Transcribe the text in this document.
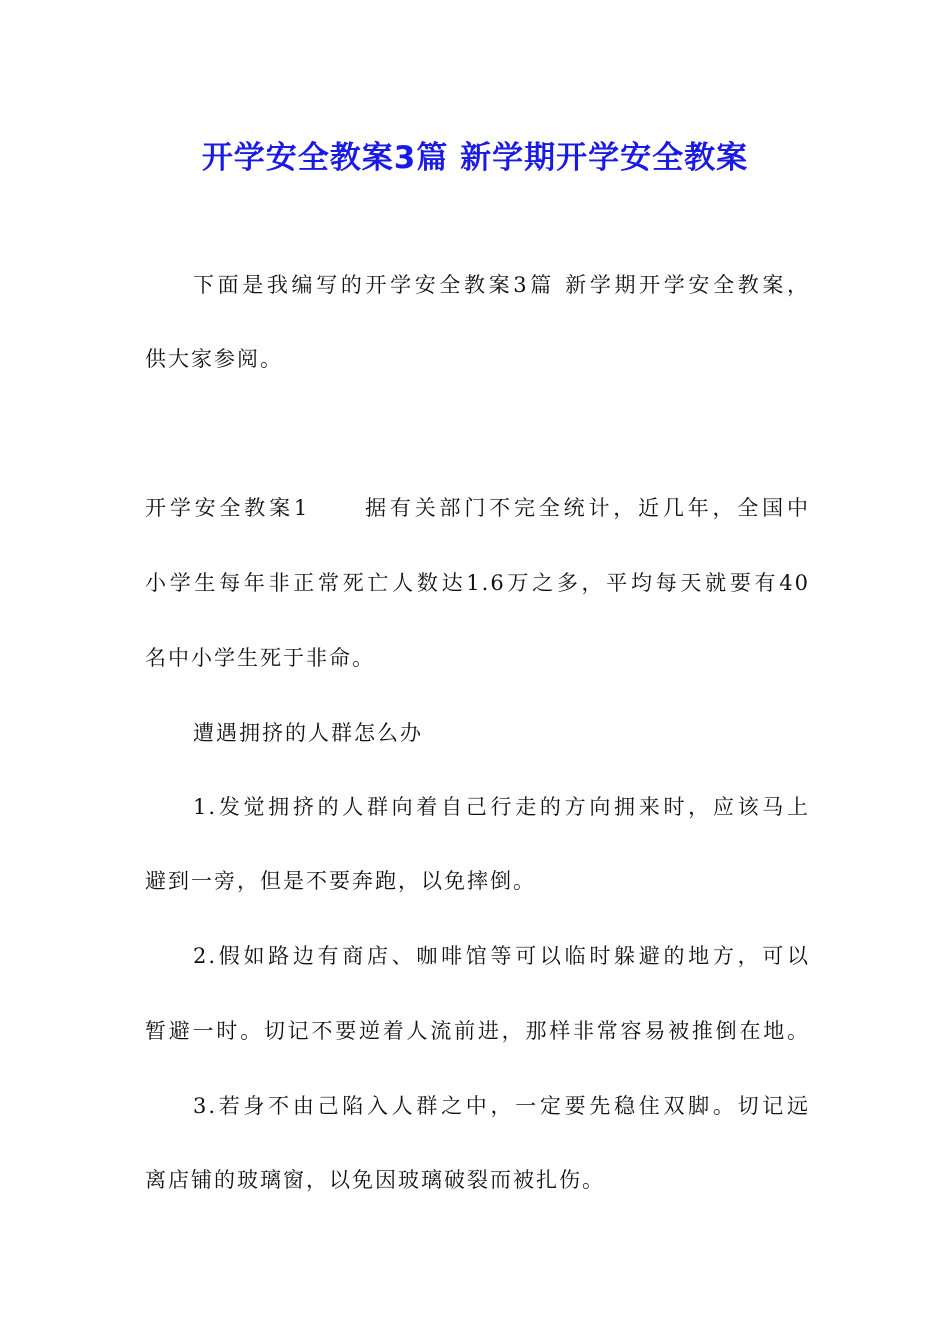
开学安全教案3篇 新学期开学安全教案
下面是我编写的开学安全教案3篇 新学期开学安全教案，
供大家参阅。
开学安全教案1	据有关部门不完全统计，近几年，全国中
小学生每年非正常死亡人数达1.6万之多，平均每天就要有40
名中小学生死于非命。
遭遇拥挤的人群怎么办
1.发觉拥挤的人群向着自己行走的方向拥来时，应该马上
避到一旁，但是不要奔跑，以免摔倒。
2.假如路边有商店、咖啡馆等可以临时躲避的地方，可以
暂避一时。切记不要逆着人流前进，那样非常容易被推倒在地。
3.若身不由己陷入人群之中，一定要先稳住双脚。切记远
离店铺的玻璃窗，以免因玻璃破裂而被扎伤。
